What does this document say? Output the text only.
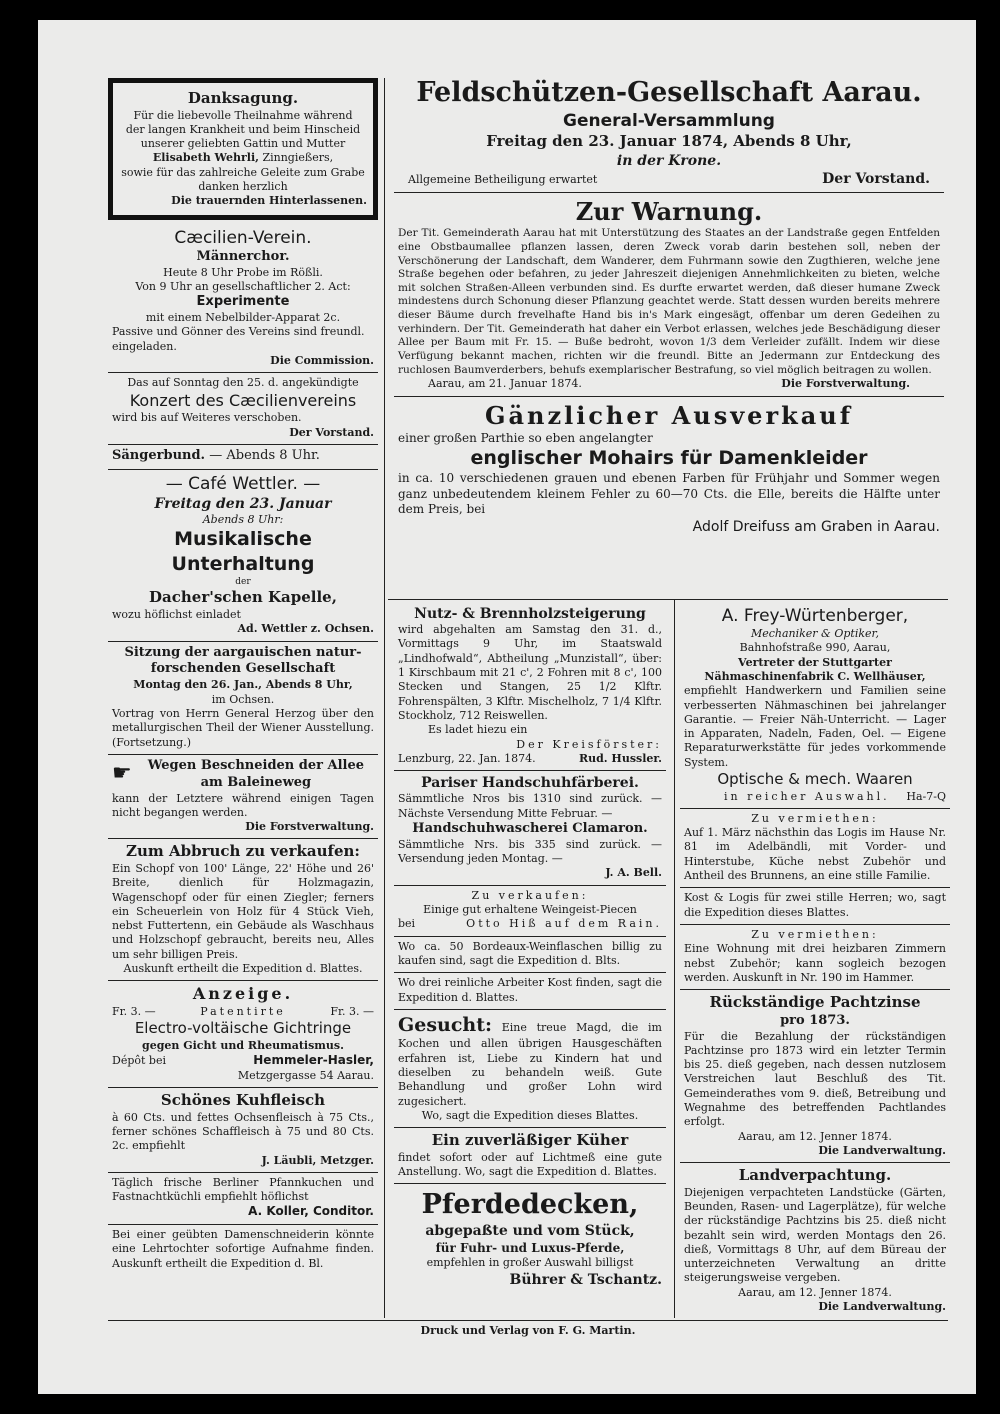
Danksagung.
Für die liebevolle Theilnahme während
der langen Krankheit und beim Hinscheid
unserer geliebten Gattin und Mutter
Elisabeth Wehrli, Zinngießers,
sowie für das zahlreiche Geleite zum Grabe
danken herzlich
Die trauernden Hinterlassenen.
Cæcilien-Verein.
Männerchor.
Heute 8 Uhr Probe im Rößli.
Von 9 Uhr an gesellschaftlicher 2. Act:
Experimente
mit einem Nebelbilder-Apparat 2c.
Passive und Gönner des Vereins sind freundl. eingeladen.
Die Commission.
Das auf Sonntag den 25. d. angekündigte
Konzert des Cæcilienvereins
wird bis auf Weiteres verschoben.
Der Vorstand.
Sängerbund. — Abends 8 Uhr.
— Café Wettler. —
Freitag den 23. Januar
Abends 8 Uhr:
Musikalische Unterhaltung
der
Dacher'schen Kapelle,
wozu höflichst einladet
Ad. Wettler z. Ochsen.
Sitzung der aargauischen natur-
forschenden Gesellschaft
Montag den 26. Jan., Abends 8 Uhr,
im Ochsen.
Vortrag von Herrn General Herzog über den metallurgischen Theil der Wiener Ausstellung. (Fortsetzung.)
☛	Wegen Beschneiden der Allee
am Baleineweg
kann der Letztere während einigen Tagen nicht begangen werden.
Die Forstverwaltung.
Zum Abbruch zu verkaufen:
Ein Schopf von 100' Länge, 22' Höhe und 26' Breite, dienlich für Holzmagazin, Wagenschopf oder für einen Ziegler; ferners ein Scheuerlein von Holz für 4 Stück Vieh, nebst Futtertenn, ein Gebäude als Waschhaus und Holzschopf gebraucht, bereits neu, Alles um sehr billigen Preis.
Auskunft ertheilt die Expedition d. Blattes.
Anzeige.
Fr. 3. —	Patentirte	Fr. 3. —
Electro-voltäische Gichtringe
gegen Gicht und Rheumatismus.
Dépôt bei	Hemmeler-Hasler,
Metzgergasse 54 Aarau.
Schönes Kuhfleisch
à 60 Cts. und fettes Ochsenfleisch à 75 Cts., ferner schönes Schaffleisch à 75 und 80 Cts. 2c. empfiehlt
J. Läubli, Metzger.
Täglich frische Berliner Pfannkuchen und Fastnachtküchli empfiehlt höflichst
A. Koller, Conditor.
Bei einer geübten Damenschneiderin könnte eine Lehrtochter sofortige Aufnahme finden. Auskunft ertheilt die Expedition d. Bl.
Feldschützen-Gesellschaft Aarau.
General-Versammlung
Freitag den 23. Januar 1874, Abends 8 Uhr,
in der Krone.
Allgemeine Betheiligung erwartet	Der Vorstand.
Zur Warnung.
Der Tit. Gemeinderath Aarau hat mit Unterstützung des Staates an der Landstraße gegen Entfelden eine Obstbaumallee pflanzen lassen, deren Zweck vorab darin bestehen soll, neben der Verschönerung der Landschaft, dem Wanderer, dem Fuhrmann sowie den Zugthieren, welche jene Straße begehen oder befahren, zu jeder Jahreszeit diejenigen Annehmlichkeiten zu bieten, welche mit solchen Straßen-Alleen verbunden sind. Es durfte erwartet werden, daß dieser humane Zweck mindestens durch Schonung dieser Pflanzung geachtet werde. Statt dessen wurden bereits mehrere dieser Bäume durch frevelhafte Hand bis in's Mark eingesägt, offenbar um deren Gedeihen zu verhindern. Der Tit. Gemeinderath hat daher ein Verbot erlassen, welches jede Beschädigung dieser Allee per Baum mit Fr. 15. — Buße bedroht, wovon 1/3 dem Verleider zufällt. Indem wir diese Verfügung bekannt machen, richten wir die freundl. Bitte an Jedermann zur Entdeckung des ruchlosen Baumverderbers, behufs exemplarischer Bestrafung, so viel möglich beitragen zu wollen.
Aarau, am 21. Januar 1874.	Die Forstverwaltung.
Gänzlicher Ausverkauf
einer großen Parthie so eben angelangter
englischer Mohairs für Damenkleider
in ca. 10 verschiedenen grauen und ebenen Farben für Frühjahr und Sommer wegen ganz unbedeutendem kleinem Fehler zu 60—70 Cts. die Elle, bereits die Hälfte unter dem Preis, bei
Adolf Dreifuss am Graben in Aarau.
Nutz- & Brennholzsteigerung
wird abgehalten am Samstag den 31. d., Vormittags 9 Uhr, im Staatswald „Lindhofwald“, Abtheilung „Munzistall“, über: 1 Kirschbaum mit 21 c', 2 Fohren mit 8 c', 100 Stecken und Stangen, 25 1/2 Klftr. Fohrenspälten, 3 Klftr. Mischelholz, 7 1/4 Klftr. Stockholz, 712 Reiswellen.
Es ladet hiezu ein
Der Kreisförster:
Lenzburg, 22. Jan. 1874.	Rud. Hussler.
Pariser Handschuhfärberei.
Sämmtliche Nros bis 1310 sind zurück. — Nächste Versendung Mitte Februar. —
Handschuhwascherei Clamaron.
Sämmtliche Nrs. bis 335 sind zurück. — Versendung jeden Montag. —
J. A. Bell.
Zu verkaufen:
Einige gut erhaltene Weingeist-Piecen
bei	Otto Hiß auf dem Rain.
Wo ca. 50 Bordeaux-Weinflaschen billig zu kaufen sind, sagt die Expedition d. Blts.
Wo drei reinliche Arbeiter Kost finden, sagt die Expedition d. Blattes.
Gesucht: Eine treue Magd, die im Kochen und allen übrigen Hausgeschäften erfahren ist, Liebe zu Kindern hat und dieselben zu behandeln weiß. Gute Behandlung und großer Lohn wird zugesichert.
Wo, sagt die Expedition dieses Blattes.
Ein zuverläßiger Küher
findet sofort oder auf Lichtmeß eine gute Anstellung. Wo, sagt die Expedition d. Blattes.
Pferdedecken,
abgepaßte und vom Stück,
für Fuhr- und Luxus-Pferde,
empfehlen in großer Auswahl billigst
Bührer & Tschantz.
A. Frey-Würtenberger,
Mechaniker & Optiker,
Bahnhofstraße 990, Aarau,
Vertreter der Stuttgarter Nähmaschinenfabrik C. Wellhäuser,
empfiehlt Handwerkern und Familien seine verbesserten Nähmaschinen bei jahrelanger Garantie. — Freier Näh-Unterricht. — Lager in Apparaten, Nadeln, Faden, Oel. — Eigene Reparaturwerkstätte für jedes vorkommende System.
Optische & mech. Waaren
in reicher Auswahl. Ha-7-Q
Zu vermiethen:
Auf 1. März nächsthin das Logis im Hause Nr. 81 im Adelbändli, mit Vorder- und Hinterstube, Küche nebst Zubehör und Antheil des Brunnens, an eine stille Familie.
Kost & Logis für zwei stille Herren; wo, sagt die Expedition dieses Blattes.
Zu vermiethen:
Eine Wohnung mit drei heizbaren Zimmern nebst Zubehör; kann sogleich bezogen werden. Auskunft in Nr. 190 im Hammer.
Rückständige Pachtzinse
pro 1873.
Für die Bezahlung der rückständigen Pachtzinse pro 1873 wird ein letzter Termin bis 25. dieß gegeben, nach dessen nutzlosem Verstreichen laut Beschluß des Tit. Gemeinderathes vom 9. dieß, Betreibung und Wegnahme des betreffenden Pachtlandes erfolgt.
Aarau, am 12. Jenner 1874.
Die Landverwaltung.
Landverpachtung.
Diejenigen verpachteten Landstücke (Gärten, Beunden, Rasen- und Lagerplätze), für welche der rückständige Pachtzins bis 25. dieß nicht bezahlt sein wird, werden Montags den 26. dieß, Vormittags 8 Uhr, auf dem Büreau der unterzeichneten Verwaltung an dritte steigerungsweise vergeben.
Aarau, am 12. Jenner 1874.
Die Landverwaltung.
Druck und Verlag von F. G. Martin.
